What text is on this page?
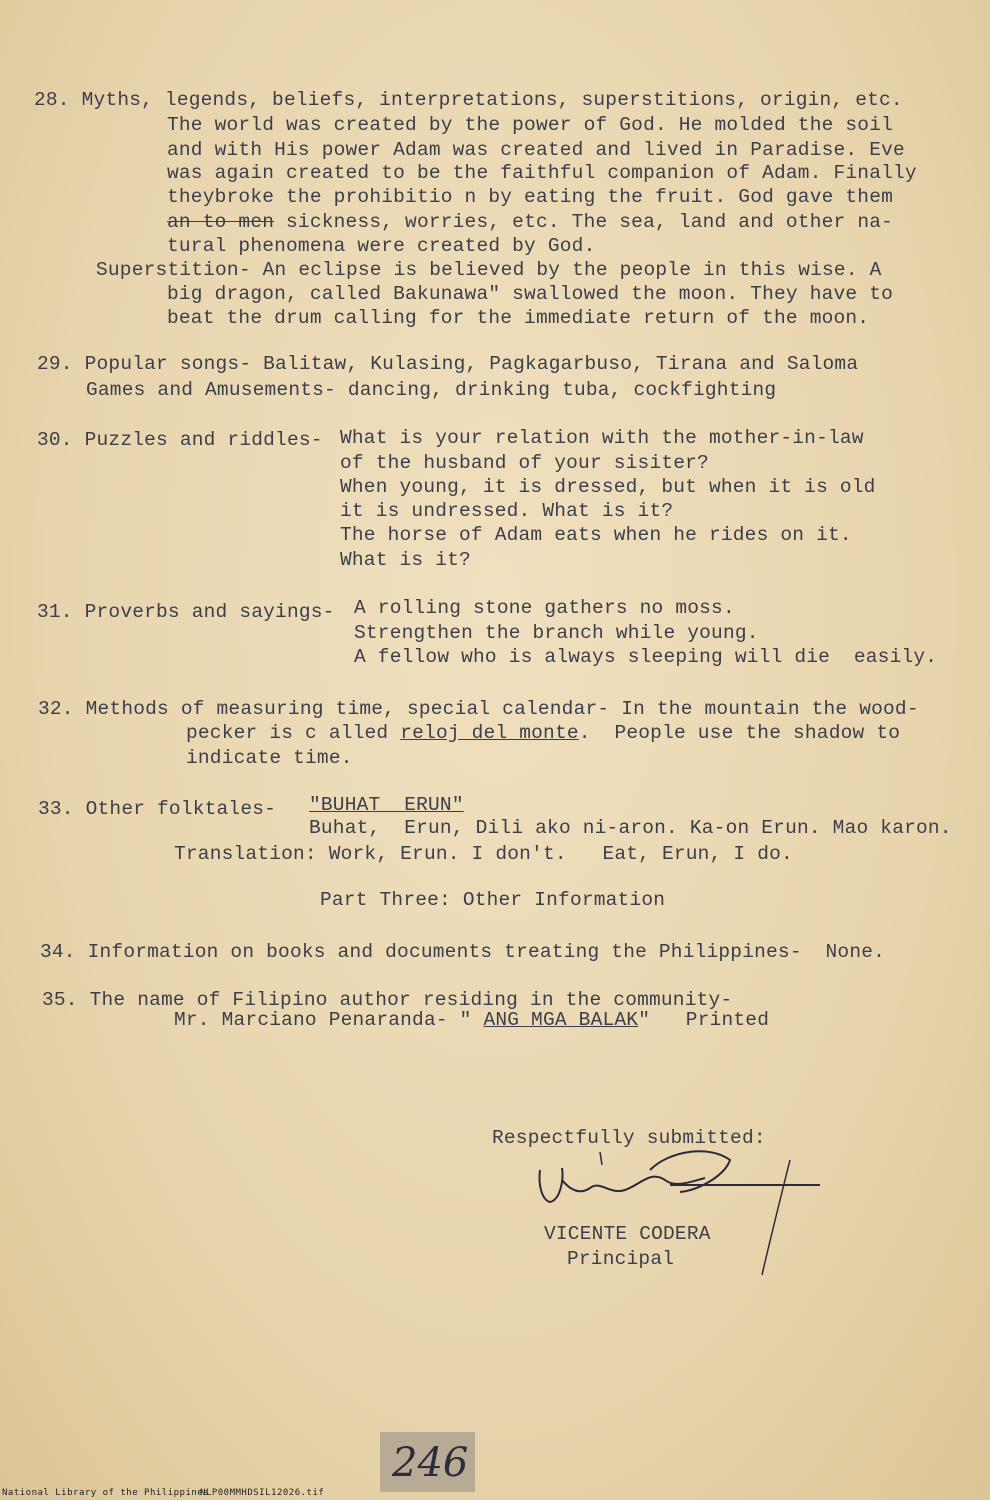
28. Myths, legends, beliefs, interpretations, superstitions, origin, etc.
The world was created by the power of God. He molded the soil
and with His power Adam was created and lived in Paradise. Eve
was again created to be the faithful companion of Adam. Finally
theybroke the prohibitio n by eating the fruit. God gave them
an to men sickness, worries, etc. The sea, land and other na-
tural phenomena were created by God.
Superstition- An eclipse is believed by the people in this wise. A
big dragon, called Bakunawa" swallowed the moon. They have to
beat the drum calling for the immediate return of the moon.
29. Popular songs- Balitaw, Kulasing, Pagkagarbuso, Tirana and Saloma
Games and Amusements- dancing, drinking tuba, cockfighting
30. Puzzles and riddles- What is your relation with the mother-in-law
of the husband of your sisiter?
When young, it is dressed, but when it is old
it is undressed. What is it?
The horse of Adam eats when he rides on it.
What is it?
31. Proverbs and sayings- A rolling stone gathers no moss.
Strengthen the branch while young.
A fellow who is always sleeping will die  easily.
32. Methods of measuring time, special calendar- In the mountain the wood-
pecker is c alled reloj del monte.  People use the shadow to
indicate time.
33. Other folktales- "BUHAT  ERUN"
Buhat,  Erun, Dili ako ni-aron. Ka-on Erun. Mao karon.
Translation: Work, Erun. I don't.   Eat, Erun, I do.
Part Three: Other Information
34. Information on books and documents treating the Philippines-  None.
35. The name of Filipino author residing in the community-
Mr. Marciano Penaranda- " ANG MGA BALAK"   Printed
Respectfully submitted:
VICENTE CODERA
Principal
246
National Library of the Philippines
NLP00MMHDSIL12026.tif
